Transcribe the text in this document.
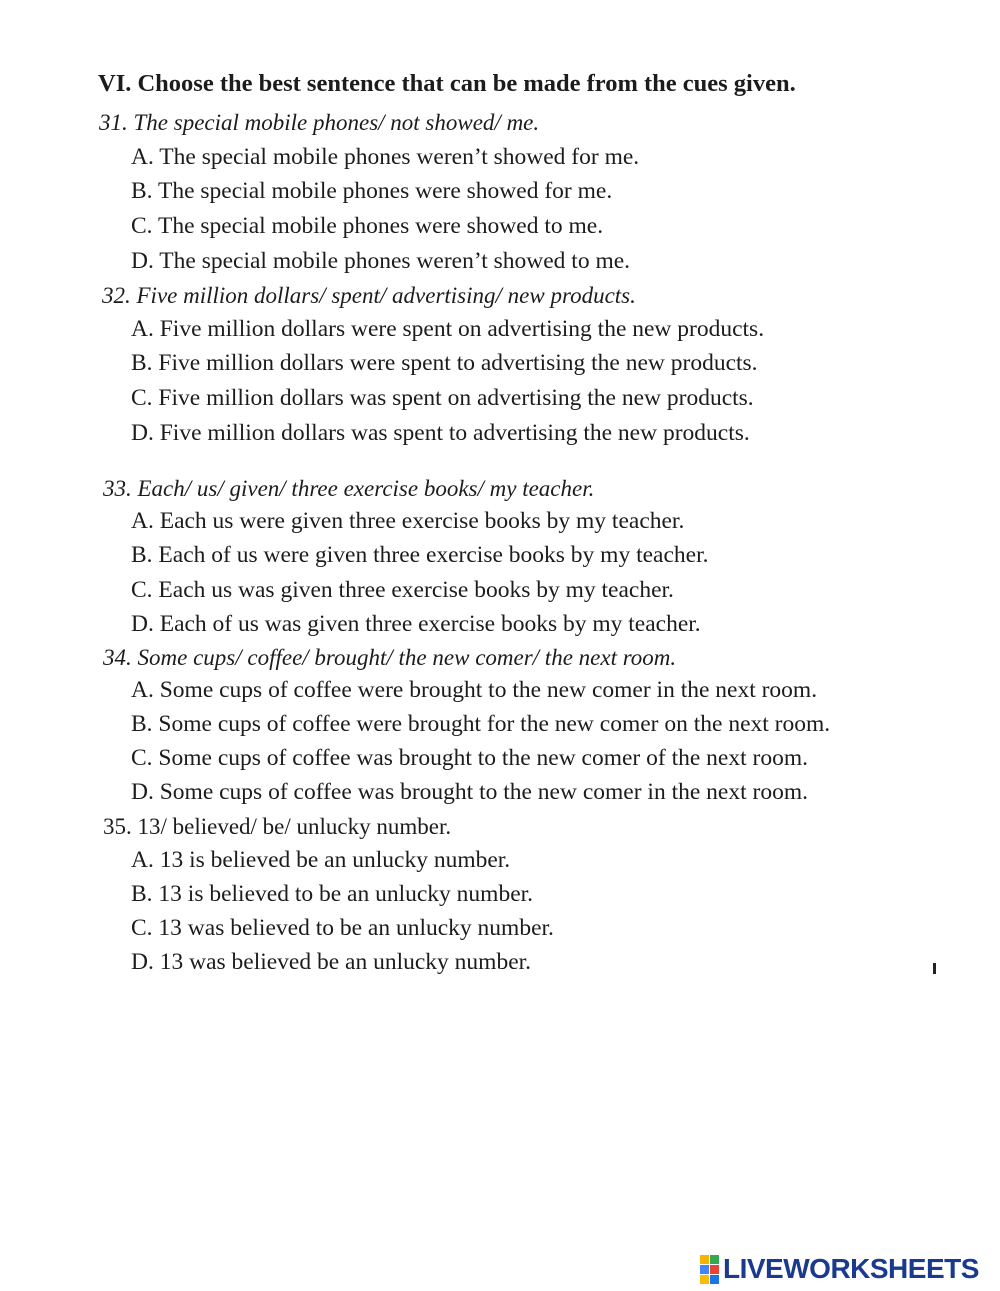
VI. Choose the best sentence that can be made from the cues given.
31. The special mobile phones/ not showed/ me.
A. The special mobile phones weren’t showed for me.
B. The special mobile phones were showed for me.
C. The special mobile phones were showed to me.
D. The special mobile phones weren’t showed to me.
32. Five million dollars/ spent/ advertising/ new products.
A. Five million dollars were spent on advertising the new products.
B. Five million dollars were spent to advertising the new products.
C. Five million dollars was spent on advertising the new products.
D. Five million dollars was spent to advertising the new products.
33. Each/ us/ given/ three exercise books/ my teacher.
A. Each us were given three exercise books by my teacher.
B. Each of us were given three exercise books by my teacher.
C. Each us was given three exercise books by my teacher.
D. Each of us was given three exercise books by my teacher.
34. Some cups/ coffee/ brought/ the new comer/ the next room.
A. Some cups of coffee were brought to the new comer in the next room.
B. Some cups of coffee were brought for the new comer on the next room.
C. Some cups of coffee was brought to the new comer of the next room.
D. Some cups of coffee was brought to the new comer in the next room.
35. 13/ believed/ be/ unlucky number.
A. 13 is believed be an unlucky number.
B. 13 is believed to be an unlucky number.
C. 13 was believed to be an unlucky number.
D. 13 was believed be an unlucky number.
LIVEWORKSHEETS
